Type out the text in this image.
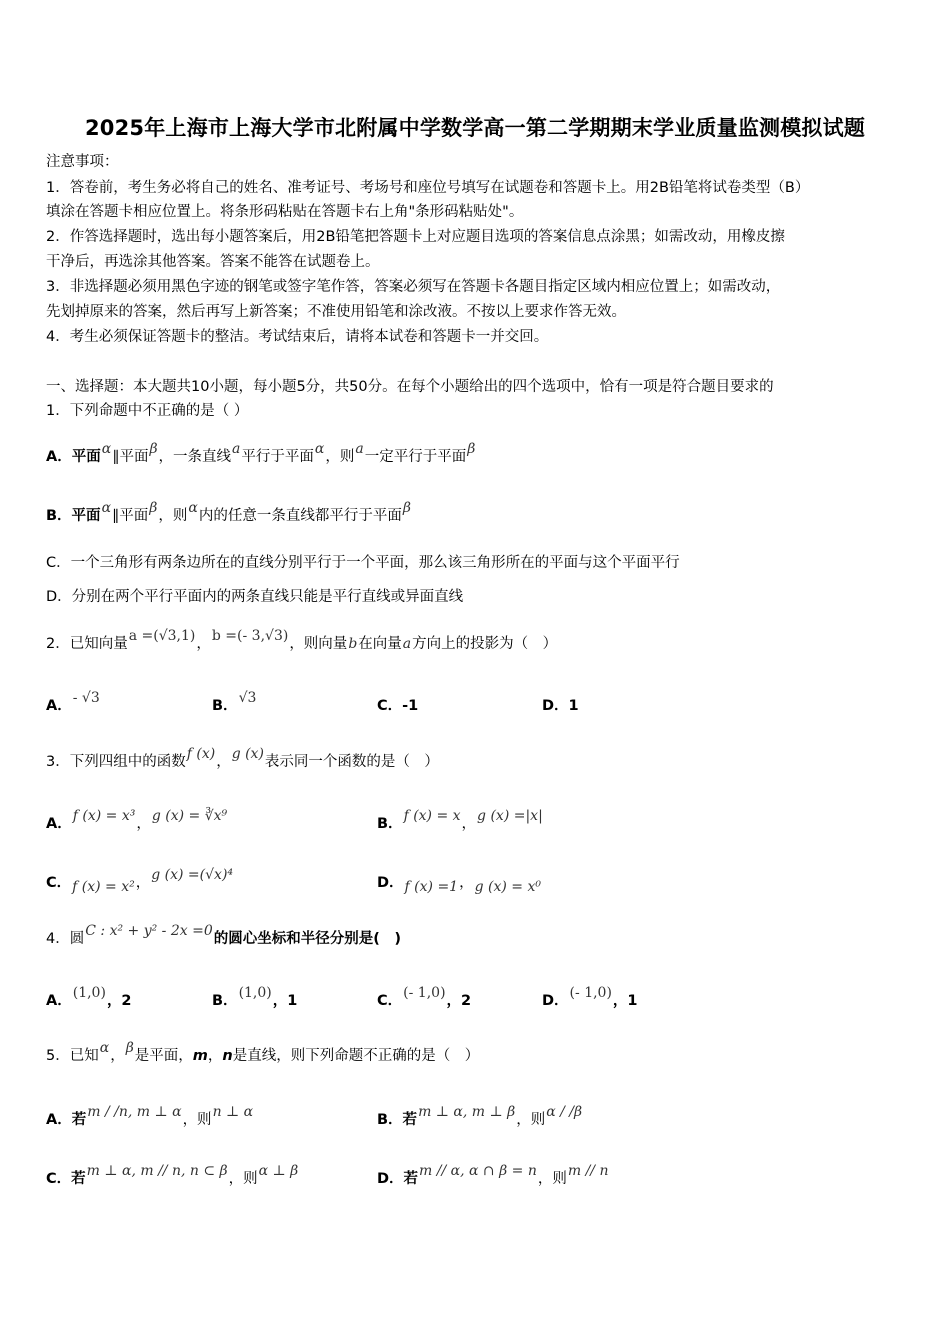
2025年上海市上海大学市北附属中学数学高一第二学期期末学业质量监测模拟试题
注意事项：
1．答卷前，考生务必将自己的姓名、准考证号、考场号和座位号填写在试题卷和答题卡上。用2B铅笔将试卷类型（B）
填涂在答题卡相应位置上。将条形码粘贴在答题卡右上角"条形码粘贴处"。
2．作答选择题时，选出每小题答案后，用2B铅笔把答题卡上对应题目选项的答案信息点涂黑；如需改动，用橡皮擦
干净后，再选涂其他答案。答案不能答在试题卷上。
3．非选择题必须用黑色字迹的钢笔或签字笔作答，答案必须写在答题卡各题目指定区域内相应位置上；如需改动，
先划掉原来的答案，然后再写上新答案；不准使用铅笔和涂改液。不按以上要求作答无效。
4．考生必须保证答题卡的整洁。考试结束后，请将本试卷和答题卡一并交回。
一、选择题：本大题共10小题，每小题5分，共50分。在每个小题给出的四个选项中，恰有一项是符合题目要求的
1．下列命题中不正确的是（ ）
A．平面α∥平面β，一条直线a平行于平面α，则a一定平行于平面β
B．平面α∥平面β，则α内的任意一条直线都平行于平面β
C．一个三角形有两条边所在的直线分别平行于一个平面，那么该三角形所在的平面与这个平面平行
D．分别在两个平行平面内的两条直线只能是平行直线或异面直线
2．已知向量a =(√3,1)，b =(- 3,√3)，则向量b在向量a方向上的投影为（　）
A．- √3	B．√3	C．-1	D．1
3．下列四组中的函数f (x)，g (x)表示同一个函数的是（　）
A．f (x) = x³，g (x) = ∛x⁹	B．f (x) = x，g (x) =|x|
C．f (x) = x²，g (x) =(√x)⁴	D．f (x) =1，g (x) = x⁰
4．圆C : x² + y² - 2x =0的圆心坐标和半径分别是(　)
A．(1,0)，2	B．(1,0)，1	C．(- 1,0)，2	D．(- 1,0)，1
5．已知α，β是平面，m，n是直线，则下列命题不正确的是（　）
A．若m / /n, m ⊥ α，则n ⊥ α	B．若m ⊥ α, m ⊥ β，则α / /β
C．若m ⊥ α, m // n, n ⊂ β，则α ⊥ β	D．若m // α, α ∩ β = n，则m // n
